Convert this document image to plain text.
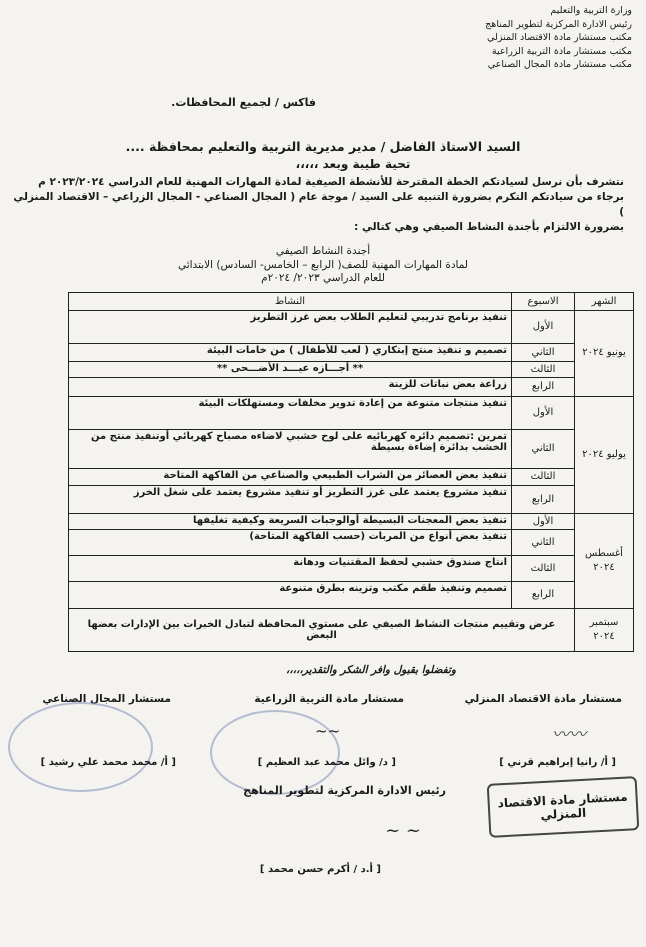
وزارة التربية والتعليم
رئيس الادارة المركزية لتطوير المناهج
مكتب مستشار مادة الاقتصاد المنزلي
مكتب مستشار مادة التربية الزراعية
مكتب مستشار مادة المجال الصناعي
فاكس / لجميع المحافظات.
السيد الاستاذ الفاضل / مدير مديرية التربية والتعليم بمحافظة ....
تحية طيبة وبعد ،،،،،
نتشرف بأن نرسل لسيادتكم الخطة المقترحة للأنشطة الصيفية لمادة المهارات المهنية للعام الدراسي ٢٠٢٣/٢٠٢٤ م
برجاء من سيادتكم التكرم بضرورة التنبيه على السيد / موجة عام ( المجال الصناعي - المجال الزراعي – الاقتصاد المنزلي )
بضرورة الالتزام بأجندة النشاط الصيفي وهي كتالي :
أجندة النشاط الصيفي
لمادة المهارات المهنية للصف( الرابع – الخامس- السادس) الابتدائي
للعام الدراسي ٢٠٢٣/ ٢٠٢٤م
الشهر	الاسبوع	النشاط
يونيو ٢٠٢٤	الأول	تنفيذ برنامج تدريبي لتعليم الطلاب بعض غرز التطريز
	الثاني	تصميم و تنفيذ منتج إبتكاري ( لعب للأطفال ) من خامات البيئة
	الثالث	** أجـــازه عيـــد الأضـــحى **
	الرابع	زراعة بعض نباتات للزينة
يوليو ٢٠٢٤	الأول	تنفيذ منتجات متنوعة من إعادة تدوير مخلفات ومستهلكات البيئة
	الثاني	تمرين :تصميم دائره كهربائيه على لوح خشبي لاضاءه مصباح كهربائي أوتنفيذ منتج من الخشب بدائرة إضاءة بسيطة
	الثالث	تنفيذ بعض العصائر من الشراب الطبيعي والصناعي من الفاكهة المتاحة
	الرابع	تنفيذ مشروع يعتمد على غرز التطريز أو تنفيذ مشروع يعتمد على شغل الخرز
أغسطس ٢٠٢٤	الأول	تنفيذ بعض المعجنات البسيطة أوالوجبات السريعة وكيفية تغليفها
	الثاني	تنفيذ بعض أنواع من المربات (حسب الفاكهة المتاحة)
	الثالث	انتاج صندوق خشبي لحفظ المقتنيات ودهانة
	الرابع	تصميم وتنفيذ طقم مكتب وتزينه بطرق متنوعة
سبتمبر ٢٠٢٤	عرض وتقييم منتجات النشاط الصيفي على مستوي المحافظة لتبادل الخبرات بين الإدارات بعضها البعض	
وتفضلوا بقبول وافر الشكر والتقدير،،،،،
مستشار مادة الاقتصاد المنزلي
مستشار مادة التربية الزراعية
مستشار المجال الصناعي
〰〰
~~
[ أ/ رانيا إبراهيم قرني ]
[ د/ وائل محمد عبد العظيم ]
[ أ/ محمد محمد علي رشيد ]
مستشار مادة الاقتصاد المنزلي
رئيس الادارة المركزية لتطوير المناهج
~ ~
[ أ.د / أكرم حسن محمد ]
